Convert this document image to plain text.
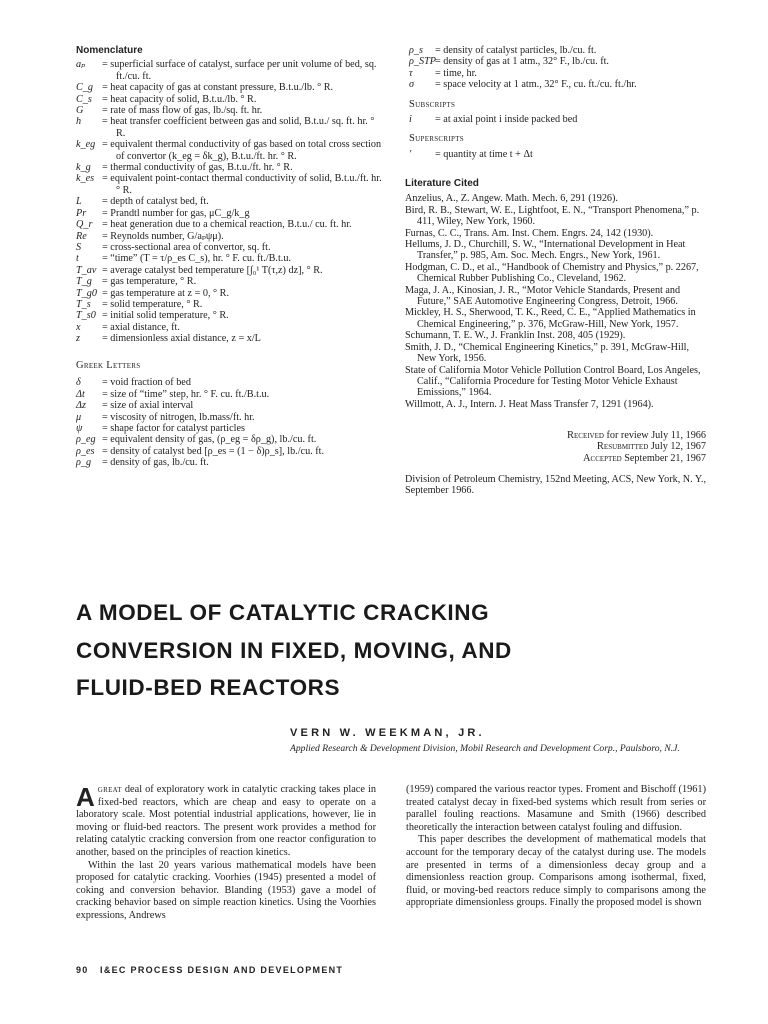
Nomenclature
aₚ	= superficial surface of catalyst, surface per unit volume of bed, sq. ft./cu. ft.
C_g = heat capacity of gas at constant pressure, B.t.u./lb. ° R.
C_s = heat capacity of solid, B.t.u./lb. ° R.
G	= rate of mass flow of gas, lb./sq. ft. hr.
h	= heat transfer coefficient between gas and solid, B.t.u./ sq. ft. hr. ° R.
k_eg = equivalent thermal conductivity of gas based on total cross section of convertor (k_eg = δk_g), B.t.u./ft. hr. ° R.
k_g	= thermal conductivity of gas, B.t.u./ft. hr. ° R.
k_es = equivalent point-contact thermal conductivity of solid, B.t.u./ft. hr. ° R.
L	= depth of catalyst bed, ft.
Pr	= Prandtl number for gas, μC_g/k_g
Q_r = heat generation due to a chemical reaction, B.t.u./ cu. ft. hr.
Re	= Reynolds number, G/aₚψμ).
S	= cross-sectional area of convertor, sq. ft.
t	= “time” (T = τ/ρ_es C_s), hr. ° F. cu. ft./B.t.u.
T_av = average catalyst bed temperature [∫₀¹ T(τ,z) dz], ° R.
T_g = gas temperature, ° R.
T_g0 = gas temperature at z = 0, ° R.
T_s	= solid temperature, ° R.
T_s0 = initial solid temperature, ° R.
x	= axial distance, ft.
z	= dimensionless axial distance, z = x/L
Greek Letters
δ	= void fraction of bed
Δt	= size of “time” step, hr. ° F. cu. ft./B.t.u.
Δz	= size of axial interval
μ	= viscosity of nitrogen, lb.mass/ft. hr.
ψ	= shape factor for catalyst particles
ρ_eg = equivalent density of gas, (ρ_eg = δρ_g), lb./cu. ft.
ρ_es = density of catalyst bed [ρ_es = (1 − δ)ρ_s], lb./cu. ft.
ρ_g	= density of gas, lb./cu. ft.
ρ_s	= density of catalyst particles, lb./cu. ft.
ρ_STP = density of gas at 1 atm., 32° F., lb./cu. ft.
τ	= time, hr.
σ	= space velocity at 1 atm., 32° F., cu. ft./cu. ft./hr.
Subscripts
i	= at axial point i inside packed bed
Superscripts
′	= quantity at time t + Δt
Literature Cited
Anzelius, A., Z. Angew. Math. Mech. 6, 291 (1926).
Bird, R. B., Stewart, W. E., Lightfoot, E. N., “Transport Phenomena,” p. 411, Wiley, New York, 1960.
Furnas, C. C., Trans. Am. Inst. Chem. Engrs. 24, 142 (1930).
Hellums, J. D., Churchill, S. W., “International Development in Heat Transfer,” p. 985, Am. Soc. Mech. Engrs., New York, 1961.
Hodgman, C. D., et al., “Handbook of Chemistry and Physics,” p. 2267, Chemical Rubber Publishing Co., Cleveland, 1962.
Maga, J. A., Kinosian, J. R., “Motor Vehicle Standards, Present and Future,” SAE Automotive Engineering Congress, Detroit, 1966.
Mickley, H. S., Sherwood, T. K., Reed, C. E., “Applied Mathematics in Chemical Engineering,” p. 376, McGraw-Hill, New York, 1957.
Schumann, T. E. W., J. Franklin Inst. 208, 405 (1929).
Smith, J. D., “Chemical Engineering Kinetics,” p. 391, McGraw-Hill, New York, 1956.
State of California Motor Vehicle Pollution Control Board, Los Angeles, Calif., “California Procedure for Testing Motor Vehicle Exhaust Emissions,” 1964.
Willmott, A. J., Intern. J. Heat Mass Transfer 7, 1291 (1964).
Received for review July 11, 1966
Resubmitted July 12, 1967
Accepted September 21, 1967
Division of Petroleum Chemistry, 152nd Meeting, ACS, New York, N. Y., September 1966.
A MODEL OF CATALYTIC CRACKING
CONVERSION IN FIXED, MOVING, AND
FLUID-BED REACTORS
VERN W. WEEKMAN, JR.
Applied Research & Development Division, Mobil Research and Development Corp., Paulsboro, N.J.

Agreat deal of exploratory work in catalytic cracking takes place in fixed-bed reactors, which are cheap and easy to operate on a laboratory scale. Most potential industrial applications, however, lie in moving or fluid-bed reactors. The present work provides a method for relating catalytic cracking conversion from one reactor configuration to another, based on the principles of reaction kinetics.

Within the last 20 years various mathematical models have been proposed for catalytic cracking. Voorhies (1945) presented a model of coking and conversion behavior. Blanding (1953) gave a model of cracking behavior based on simple reaction kinetics. Using the Voorhies expressions, Andrews

(1959) compared the various reactor types. Froment and Bischoff (1961) treated catalyst decay in fixed-bed systems which result from series or parallel fouling reactions. Masamune and Smith (1966) described theoretically the interaction between catalyst fouling and diffusion.

This paper describes the development of mathematical models that account for the temporary decay of the catalyst during use. The models are presented in terms of a dimensionless decay group and a dimensionless reaction group. Comparisons among isothermal, fixed, fluid, or moving-bed reactors reduce simply to comparisons among the appropriate dimensionless groups. Finally the proposed model is shown

90 I&EC PROCESS DESIGN AND DEVELOPMENT
